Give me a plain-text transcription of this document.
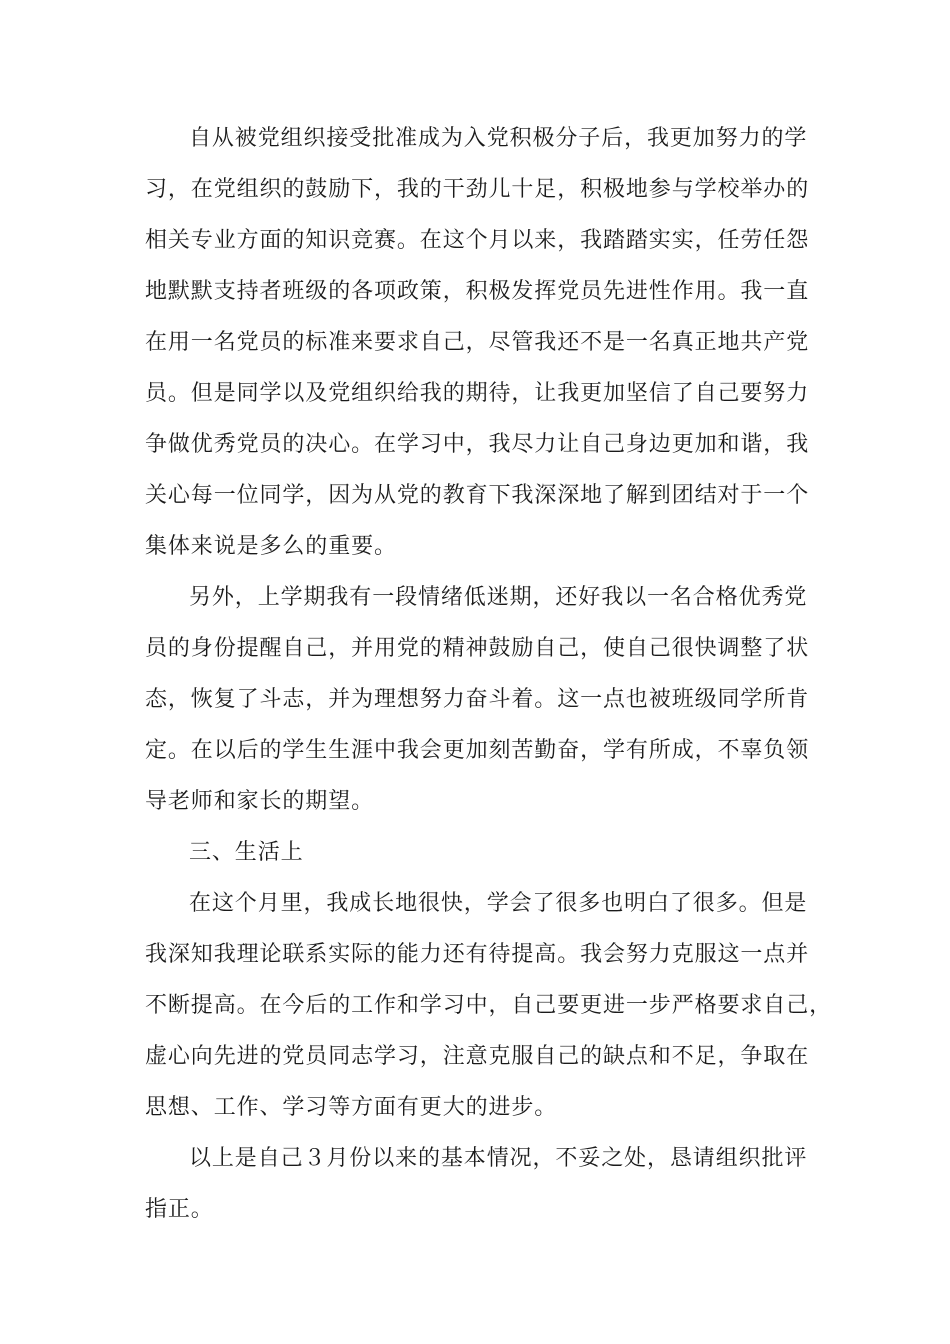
自从被党组织接受批准成为入党积极分子后，我更加努力的学
习，在党组织的鼓励下，我的干劲儿十足，积极地参与学校举办的
相关专业方面的知识竞赛。在这个月以来，我踏踏实实，任劳任怨
地默默支持者班级的各项政策，积极发挥党员先进性作用。我一直
在用一名党员的标准来要求自己，尽管我还不是一名真正地共产党
员。但是同学以及党组织给我的期待，让我更加坚信了自己要努力
争做优秀党员的决心。在学习中，我尽力让自己身边更加和谐，我
关心每一位同学，因为从党的教育下我深深地了解到团结对于一个
集体来说是多么的重要。
另外，上学期我有一段情绪低迷期，还好我以一名合格优秀党
员的身份提醒自己，并用党的精神鼓励自己，使自己很快调整了状
态，恢复了斗志，并为理想努力奋斗着。这一点也被班级同学所肯
定。在以后的学生生涯中我会更加刻苦勤奋，学有所成，不辜负领
导老师和家长的期望。
三、生活上
在这个月里，我成长地很快，学会了很多也明白了很多。但是
我深知我理论联系实际的能力还有待提高。我会努力克服这一点并
不断提高。在今后的工作和学习中，自己要更进一步严格要求自己，
虚心向先进的党员同志学习，注意克服自己的缺点和不足，争取在
思想、工作、学习等方面有更大的进步。
以上是自己３月份以来的基本情况，不妥之处，恳请组织批评
指正。
